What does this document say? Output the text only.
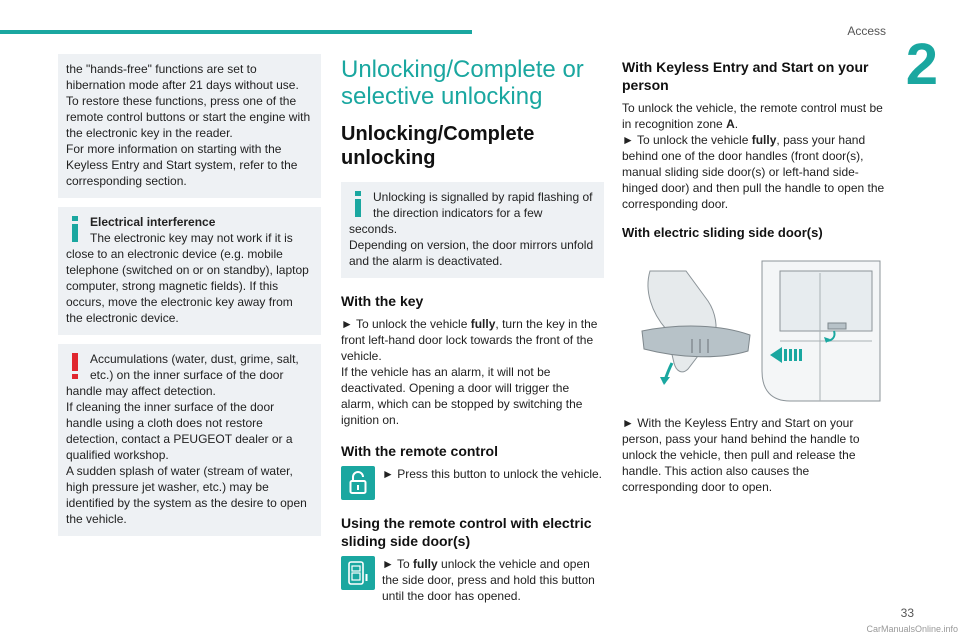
Access
2

the "hands-free" functions are set to

hibernation mode after 21 days without use.

To restore these functions, press one of the

remote control buttons or start the engine with

the electronic key in the reader.

For more information on starting with the

Keyless Entry and Start system, refer to the

corresponding section.

Electrical interference

The electronic key may not work if it is

close to an electronic device (e.g. mobile

telephone (switched on or on standby), laptop

computer, strong magnetic fields). If this

occurs, move the electronic key away from

the electronic device.

Accumulations (water, dust, grime, salt,

etc.) on the inner surface of the door

handle may affect detection.

If cleaning the inner surface of the door

handle using a cloth does not restore

detection, contact a PEUGEOT dealer or a

qualified workshop.

A sudden splash of water (stream of water,

high pressure jet washer, etc.) may be

identified by the system as the desire to open

the vehicle.

Unlocking/Complete or selective unlocking
Unlocking/Complete unlocking

Unlocking is signalled by rapid flashing of

the direction indicators for a few

seconds.

Depending on version, the door mirrors unfold

and the alarm is deactivated.

With the key

► To unlock the vehicle fully, turn the key in the front left-hand door lock towards the front of the vehicle.

If the vehicle has an alarm, it will not be deactivated. Opening a door will trigger the alarm, which can be stopped by switching the ignition on.

With the remote control

► Press this button to unlock the vehicle.

Using the remote control with electric sliding side door(s)

► To fully unlock the vehicle and open the side door, press and hold this button until the door has opened.

With Keyless Entry and Start on your person

To unlock the vehicle, the remote control must be in recognition zone A.

► To unlock the vehicle fully, pass your hand behind one of the door handles (front door(s), manual sliding side door(s) or left-hand side-hinged door) and then pull the handle to open the corresponding door.

With electric sliding side door(s)

► With the Keyless Entry and Start on your person, pass your hand behind the handle to unlock the vehicle, then pull and release the handle. This action also causes the corresponding door to open.

33
CarManualsOnline.info
